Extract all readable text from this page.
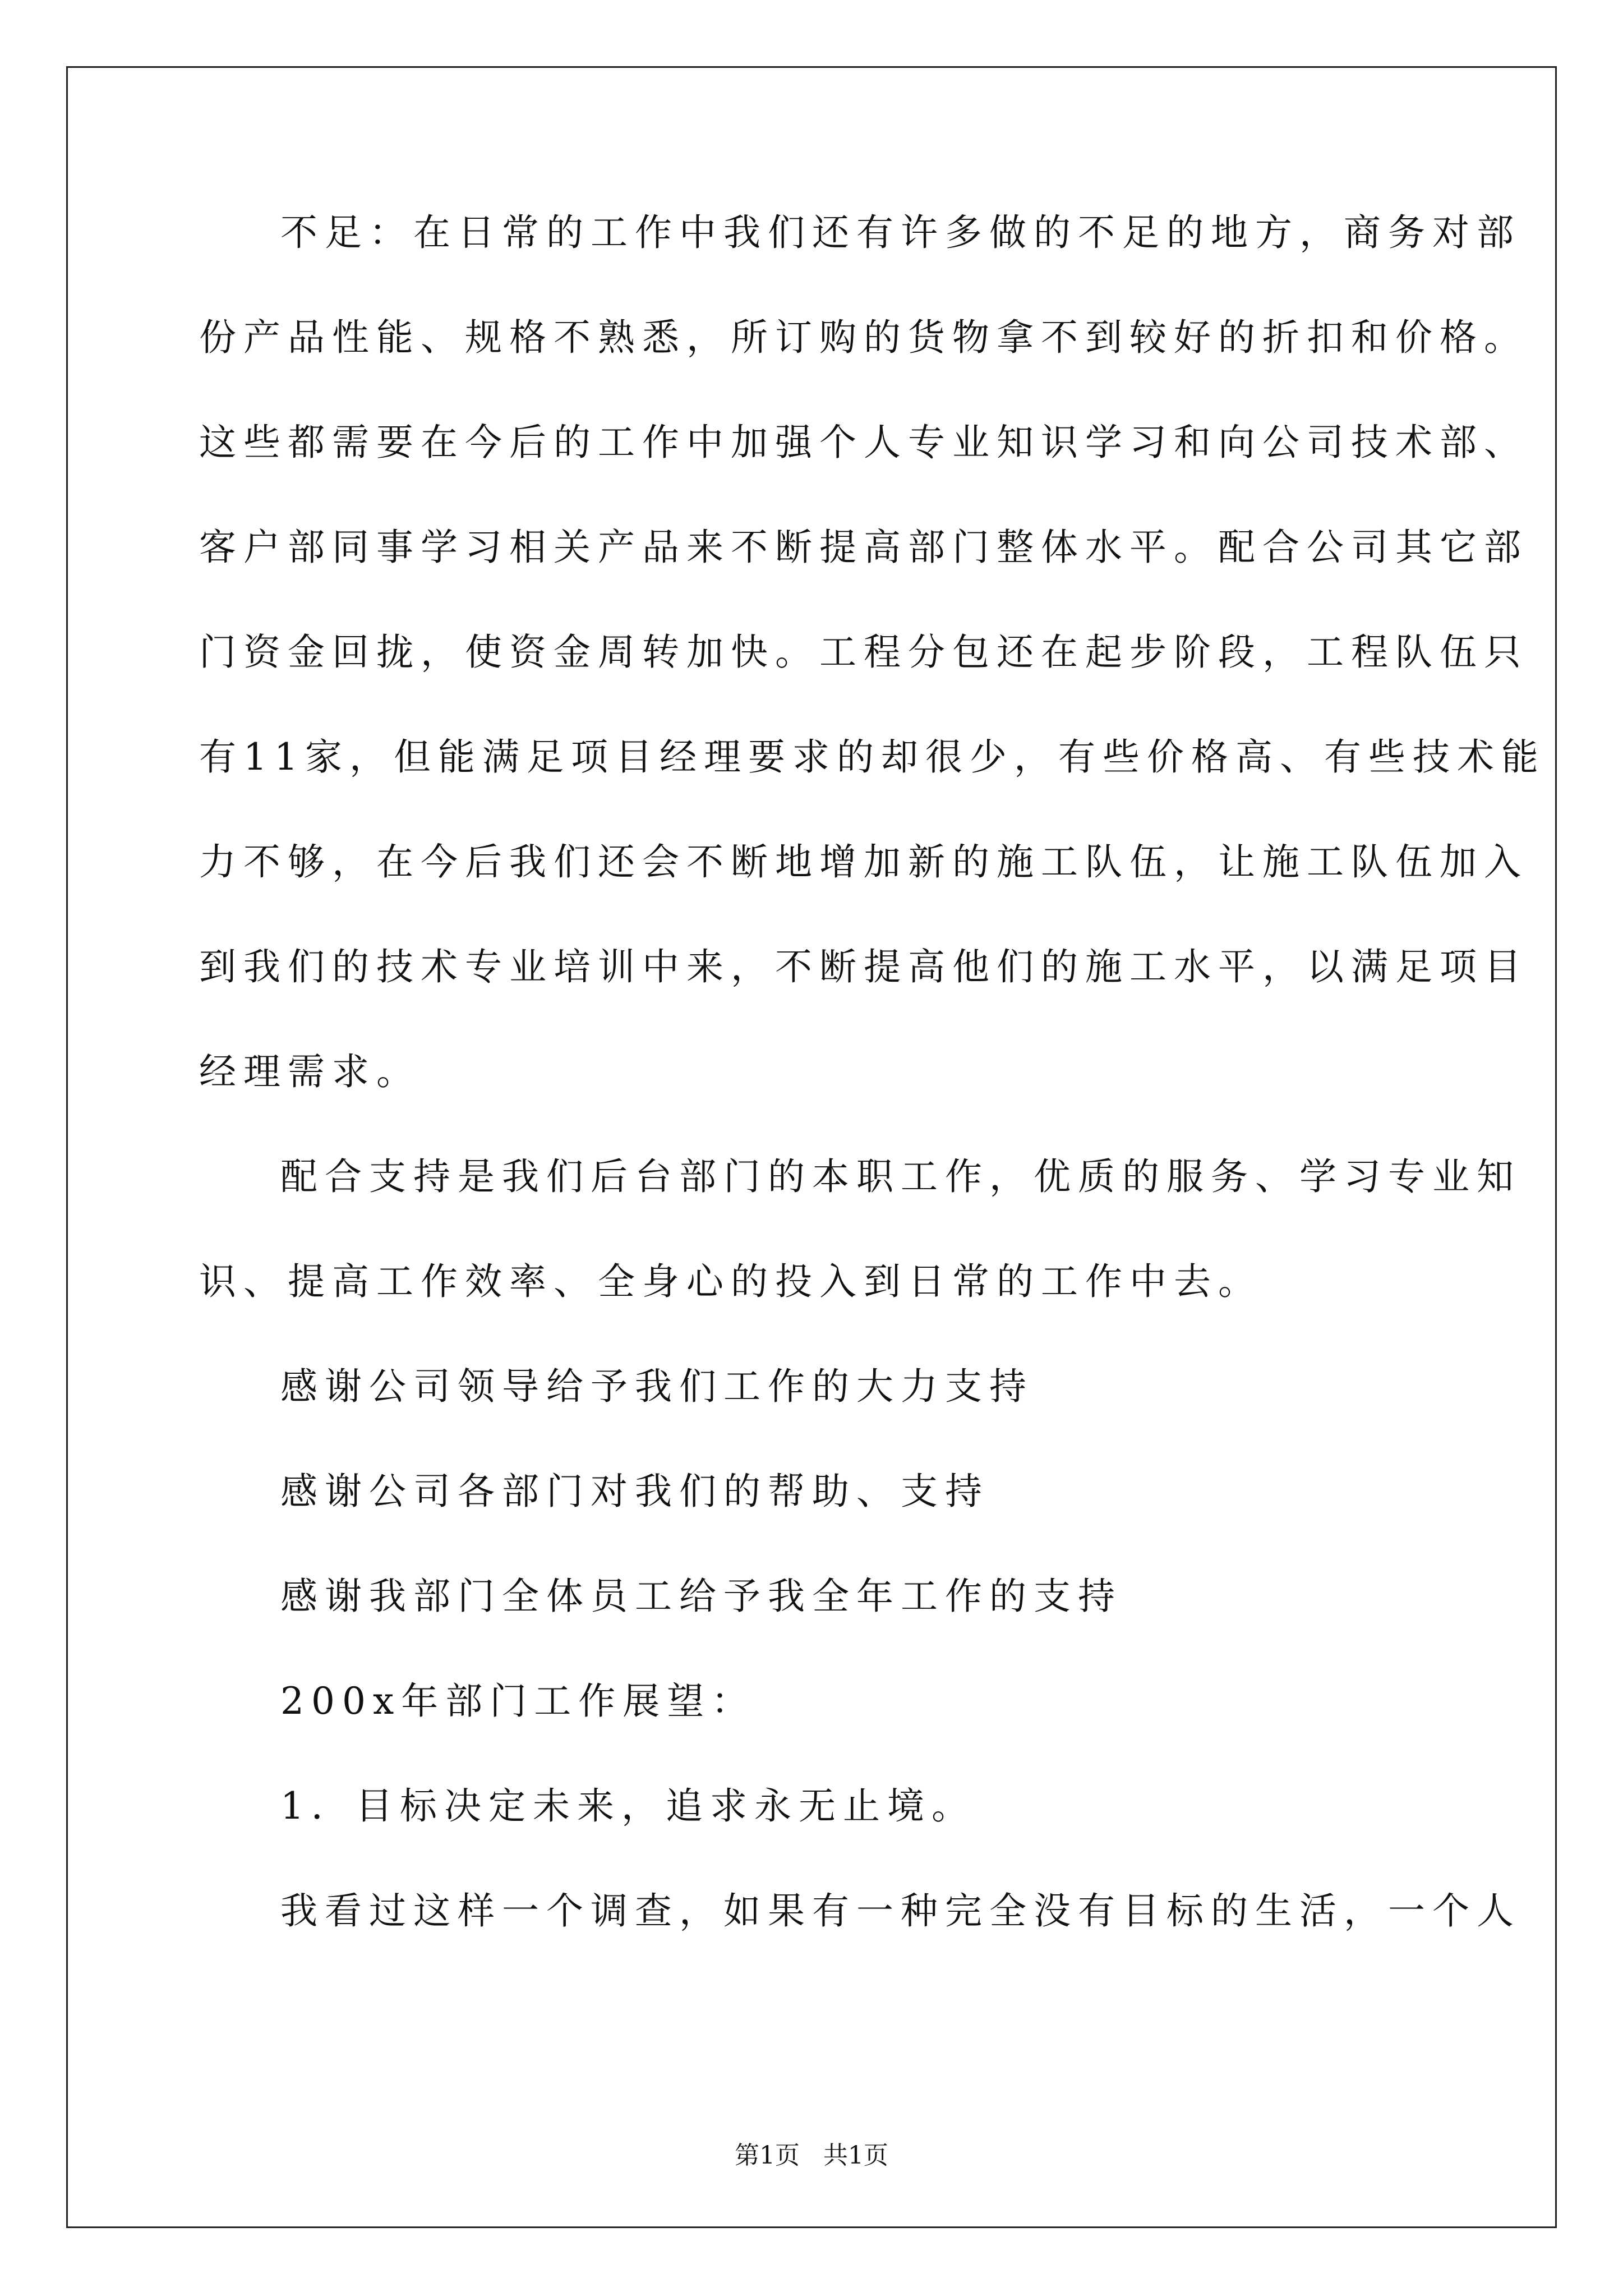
不足：在日常的工作中我们还有许多做的不足的地方，商务对部
份产品性能、规格不熟悉，所订购的货物拿不到较好的折扣和价格。
这些都需要在今后的工作中加强个人专业知识学习和向公司技术部、
客户部同事学习相关产品来不断提高部门整体水平。配合公司其它部
门资金回拢，使资金周转加快。工程分包还在起步阶段，工程队伍只
有11家，但能满足项目经理要求的却很少，有些价格高、有些技术能
力不够，在今后我们还会不断地增加新的施工队伍，让施工队伍加入
到我们的技术专业培训中来，不断提高他们的施工水平，以满足项目
经理需求。
配合支持是我们后台部门的本职工作，优质的服务、学习专业知
识、提高工作效率、全身心的投入到日常的工作中去。
感谢公司领导给予我们工作的大力支持
感谢公司各部门对我们的帮助、支持
感谢我部门全体员工给予我全年工作的支持
200x年部门工作展望：
1．目标决定未来，追求永无止境。
我看过这样一个调查，如果有一种完全没有目标的生活，一个人
第1页 共1页
